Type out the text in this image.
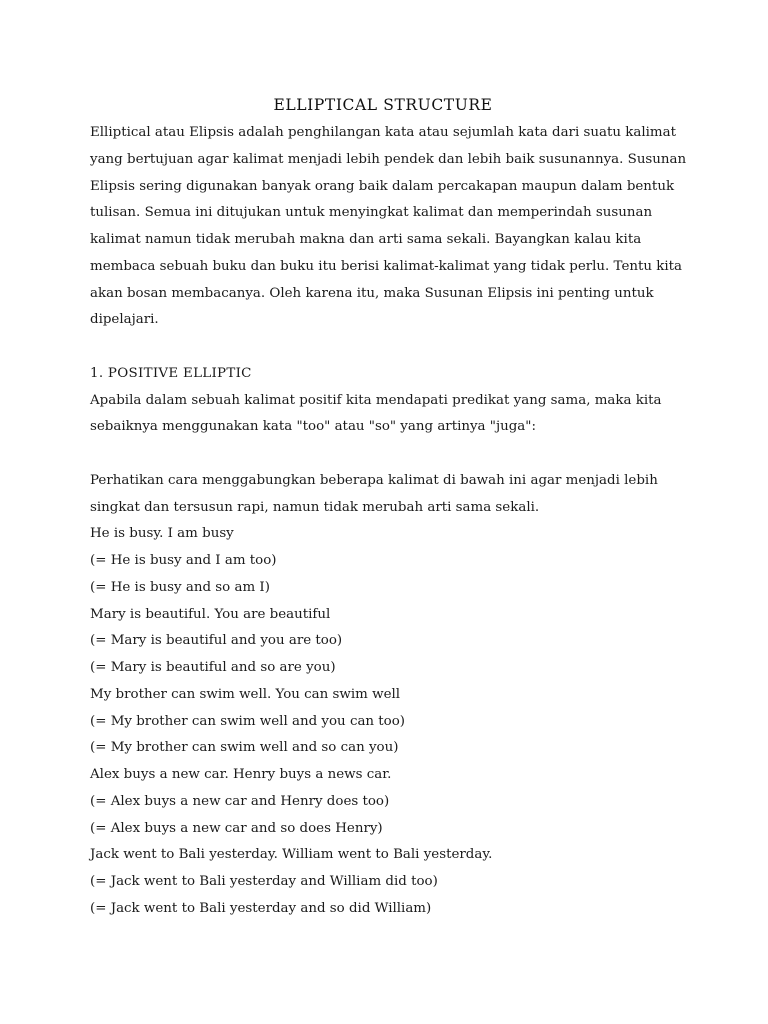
ELLIPTICAL STRUCTURE
Elliptical atau Elipsis adalah penghilangan kata atau sejumlah kata dari suatu kalimat
yang bertujuan agar kalimat menjadi lebih pendek dan lebih baik susunannya. Susunan
Elipsis sering digunakan banyak orang baik dalam percakapan maupun dalam bentuk
tulisan. Semua ini ditujukan untuk menyingkat kalimat dan memperindah susunan
kalimat namun tidak merubah makna dan arti sama sekali. Bayangkan kalau kita
membaca sebuah buku dan buku itu berisi kalimat-kalimat yang tidak perlu. Tentu kita
akan bosan membacanya. Oleh karena itu, maka Susunan Elipsis ini penting untuk
dipelajari.
1. POSITIVE ELLIPTIC
Apabila dalam sebuah kalimat positif kita mendapati predikat yang sama, maka kita
sebaiknya menggunakan kata "too" atau "so" yang artinya "juga":
Perhatikan cara menggabungkan beberapa kalimat di bawah ini agar menjadi lebih
singkat dan tersusun rapi, namun tidak merubah arti sama sekali.
He is busy. I am busy
(= He is busy and I am too)
(= He is busy and so am I)
Mary is beautiful. You are beautiful
(= Mary is beautiful and you are too)
(= Mary is beautiful and so are you)
My brother can swim well. You can swim well
(= My brother can swim well and you can too)
(= My brother can swim well and so can you)
Alex buys a new car. Henry buys a news car.
(= Alex buys a new car and Henry does too)
(= Alex buys a new car and so does Henry)
Jack went to Bali yesterday. William went to Bali yesterday.
(= Jack went to Bali yesterday and William did too)
(= Jack went to Bali yesterday and so did William)
